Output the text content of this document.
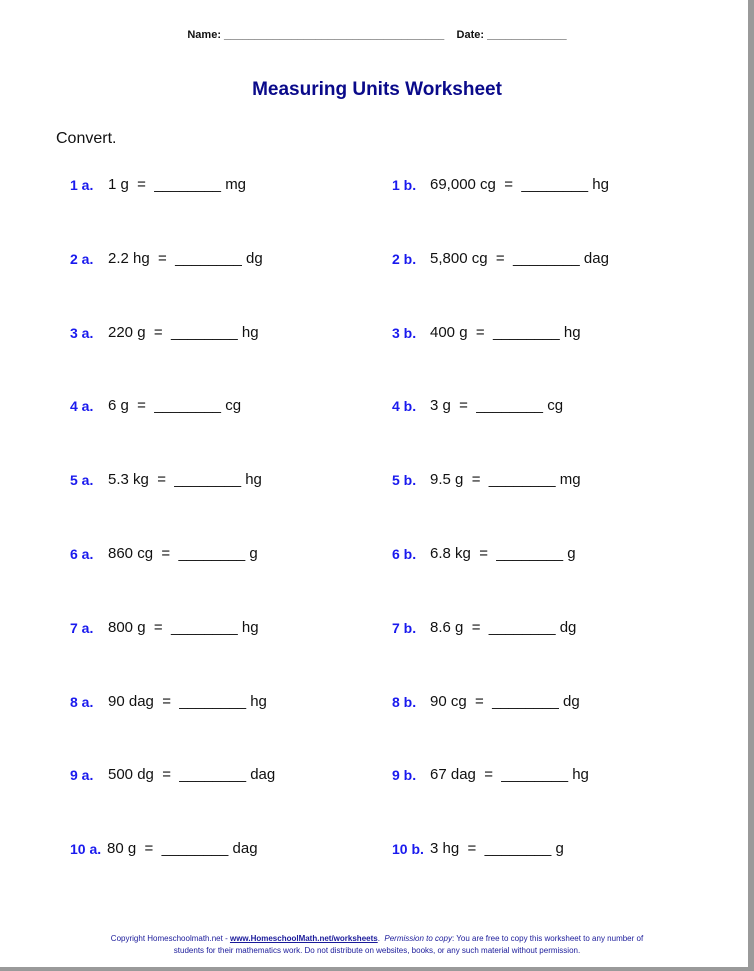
Name: ____________________________________ Date: _____________
Measuring Units Worksheet
Convert.
1 a. 1 g  =  ________ mg	1 b. 69,000 cg  =  ________ hg
2 a. 2.2 hg  =  ________ dg	2 b. 5,800 cg  =  ________ dag
3 a. 220 g  =  ________ hg	3 b. 400 g  =  ________ hg
4 a. 6 g  =  ________ cg	4 b. 3 g  =  ________ cg
5 a. 5.3 kg  =  ________ hg	5 b. 9.5 g  =  ________ mg
6 a. 860 cg  =  ________ g	6 b. 6.8 kg  =  ________ g
7 a. 800 g  =  ________ hg	7 b. 8.6 g  =  ________ dg
8 a. 90 dag  =  ________ hg	8 b. 90 cg  =  ________ dg
9 a. 500 dg  =  ________ dag	9 b. 67 dag  =  ________ hg
10 a. 80 g  =  ________ dag	10 b. 3 hg  =  ________ g
Copyright Homeschoolmath.net - www.HomeschoolMath.net/worksheets.  Permission to copy: You are free to copy this worksheet to any number of students for their mathematics work. Do not distribute on websites, books, or any such material without permission.
